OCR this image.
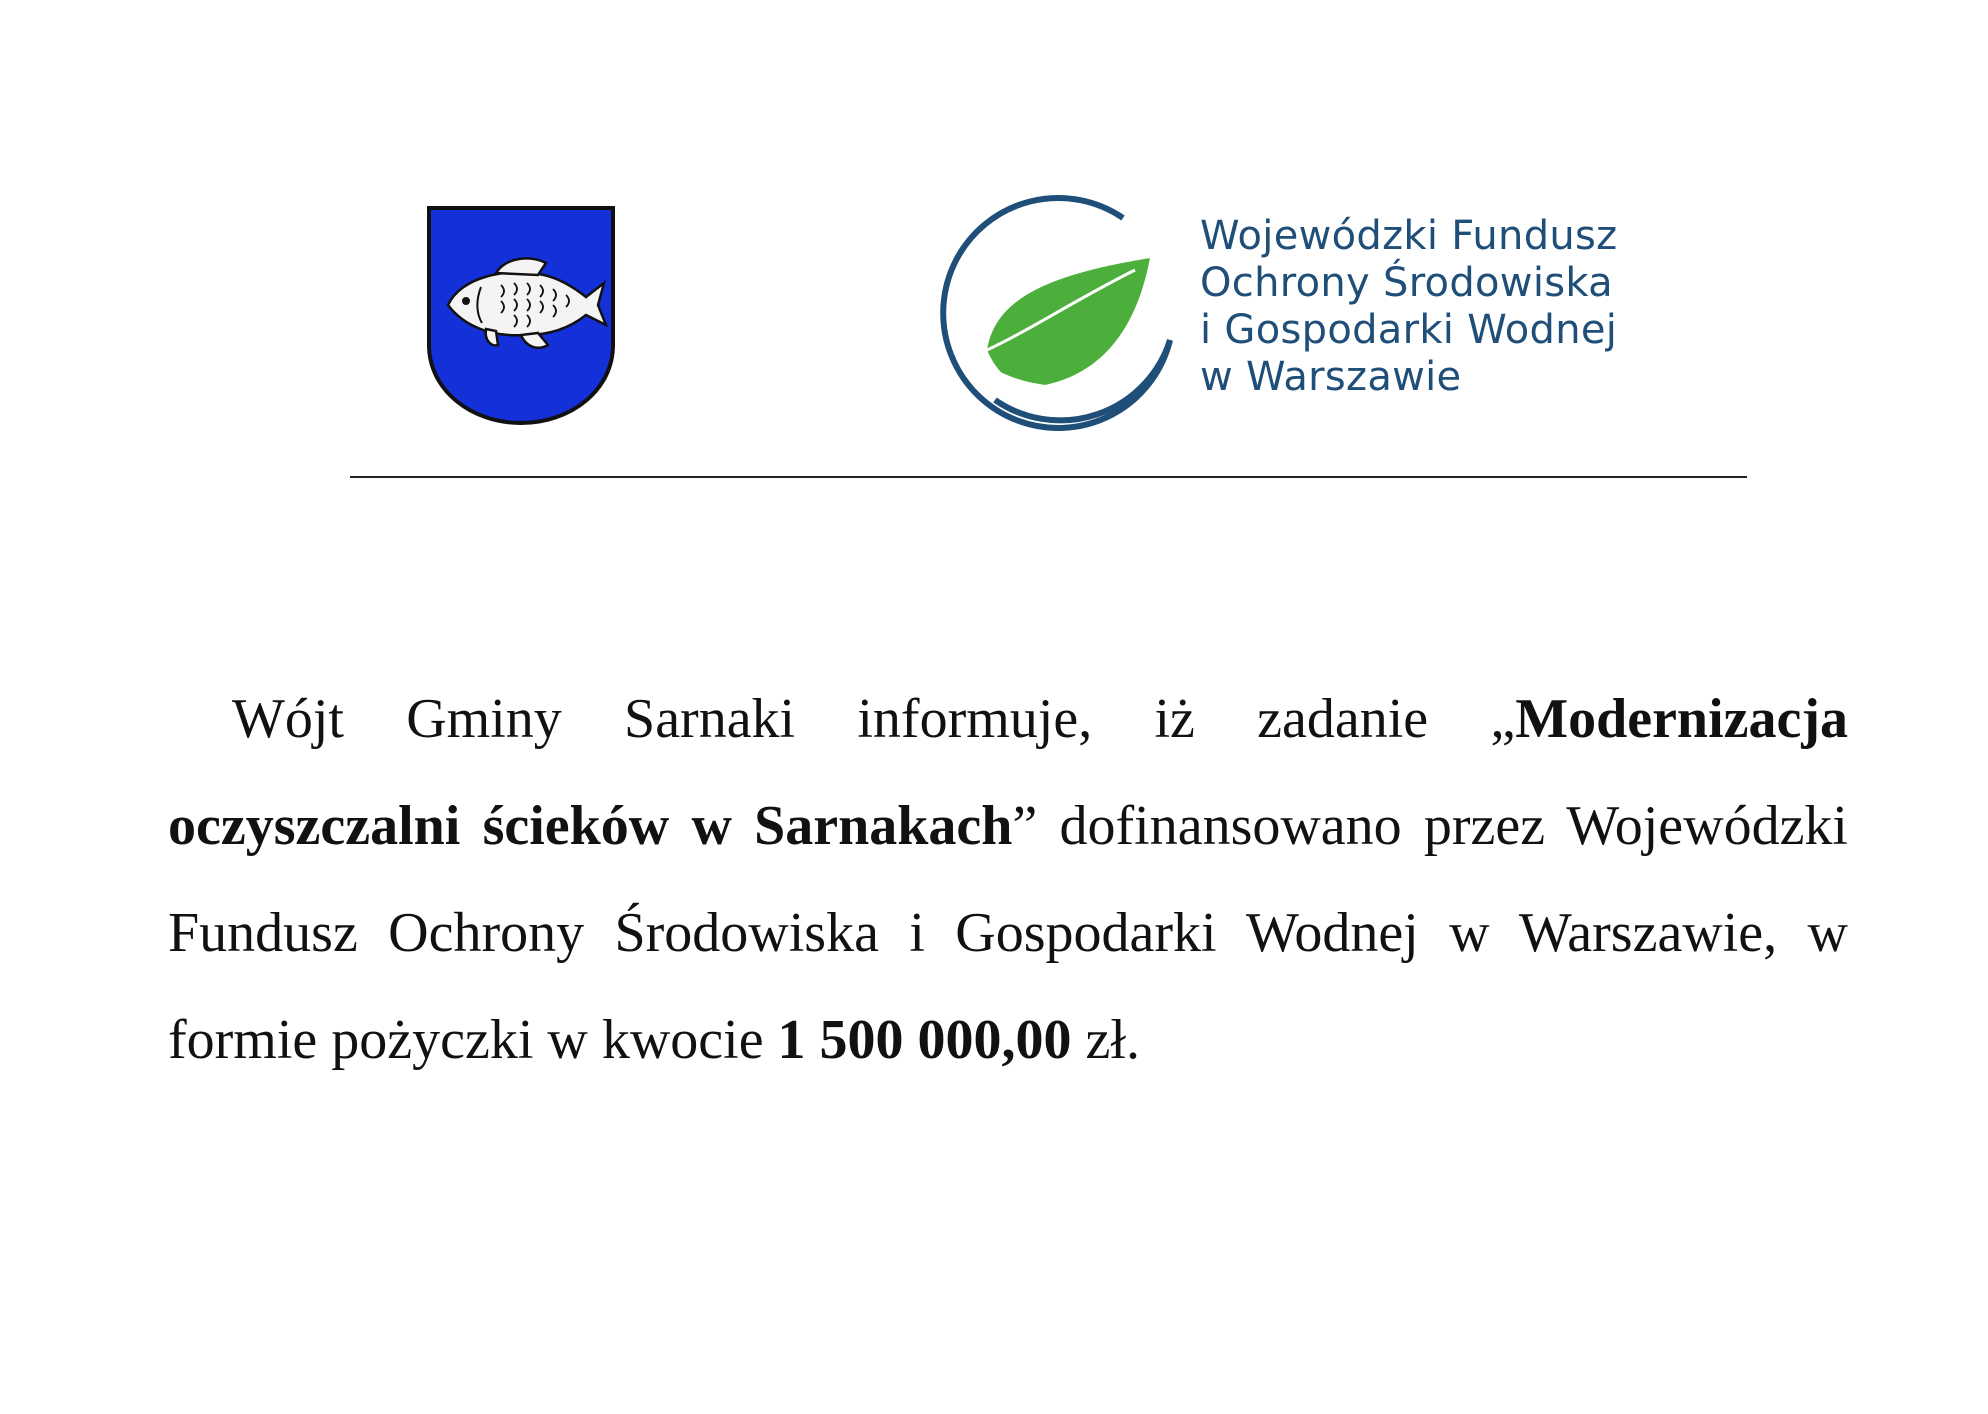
Wojewódzki Fundusz
Ochrony Środowiska
i Gospodarki Wodnej
w Warszawie

Wójt Gminy Sarnaki informuje, iż zadanie „Modernizacja oczyszczalni ścieków w Sarnakach” dofinansowano przez Wojewódzki Fundusz Ochrony Środowiska i Gospodarki Wodnej w Warszawie, w formie pożyczki w kwocie 1 500 000,00 zł.
